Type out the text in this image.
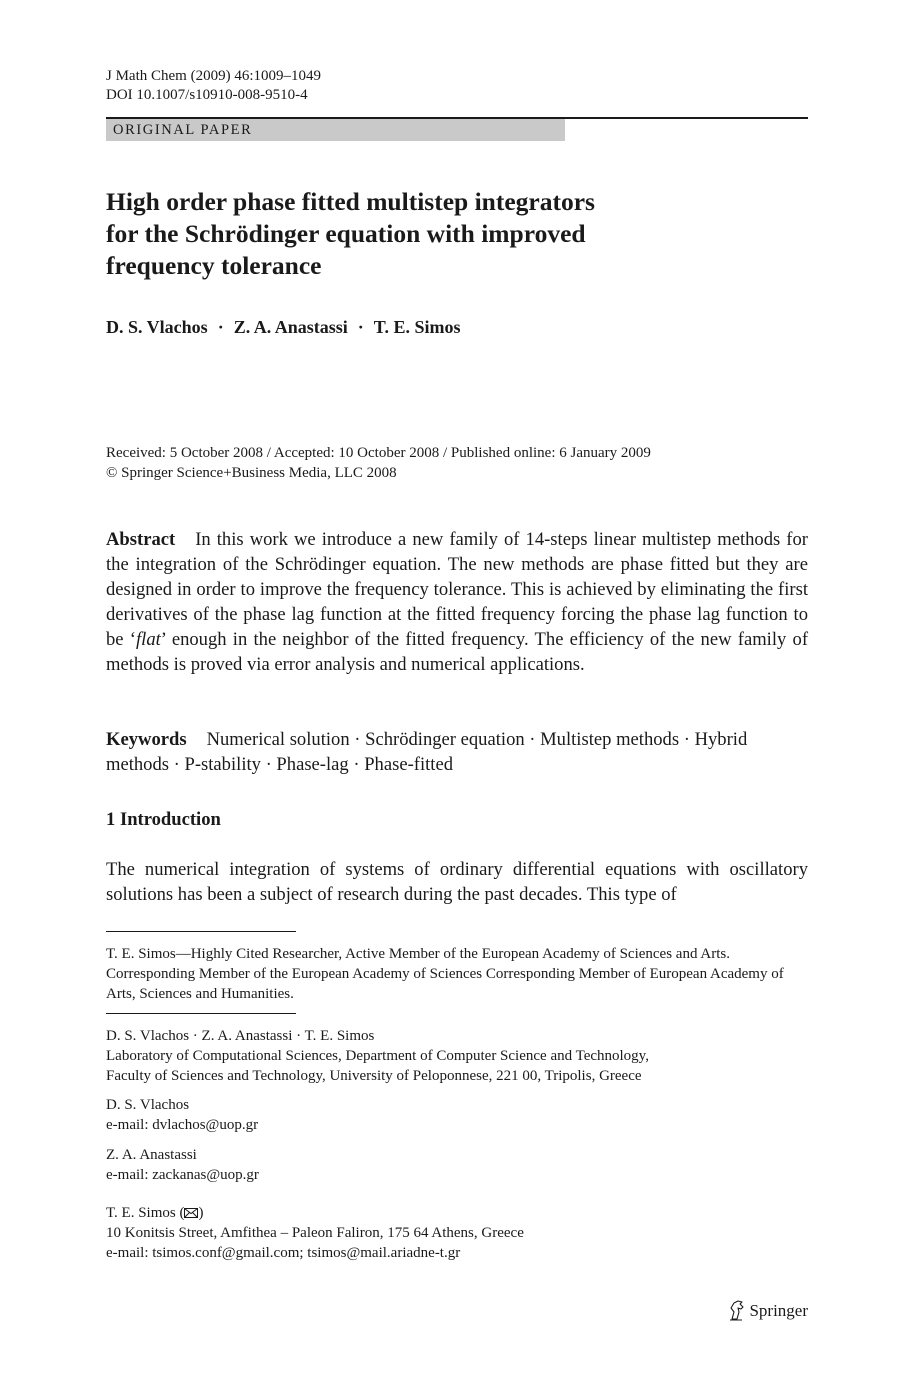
J Math Chem (2009) 46:1009–1049
DOI 10.1007/s10910-008-9510-4
ORIGINAL PAPER
High order phase fitted multistep integrators
for the Schrödinger equation with improved
frequency tolerance
D. S. Vlachos · Z. A. Anastassi · T. E. Simos
Received: 5 October 2008 / Accepted: 10 October 2008 / Published online: 6 January 2009
© Springer Science+Business Media, LLC 2008
Abstract In this work we introduce a new family of 14-steps linear multistep methods for the integration of the Schrödinger equation. The new methods are phase fitted but they are designed in order to improve the frequency tolerance. This is achieved by eliminating the first derivatives of the phase lag function at the fitted frequency forcing the phase lag function to be ‘flat’ enough in the neighbor of the fitted frequency. The efficiency of the new family of methods is proved via error analysis and numerical applications.
Keywords Numerical solution · Schrödinger equation · Multistep methods · Hybrid methods · P-stability · Phase-lag · Phase-fitted
1 Introduction
The numerical integration of systems of ordinary differential equations with oscillatory solutions has been a subject of research during the past decades. This type of
T. E. Simos—Highly Cited Researcher, Active Member of the European Academy of Sciences and Arts. Corresponding Member of the European Academy of Sciences Corresponding Member of European Academy of Arts, Sciences and Humanities.
D. S. Vlachos · Z. A. Anastassi · T. E. Simos
Laboratory of Computational Sciences, Department of Computer Science and Technology,
Faculty of Sciences and Technology, University of Peloponnese, 221 00, Tripolis, Greece
D. S. Vlachos
e-mail: dvlachos@uop.gr
Z. A. Anastassi
e-mail: zackanas@uop.gr
T. E. Simos ( )
10 Konitsis Street, Amfithea – Paleon Faliron, 175 64 Athens, Greece
e-mail: tsimos.conf@gmail.com; tsimos@mail.ariadne-t.gr
Springer
